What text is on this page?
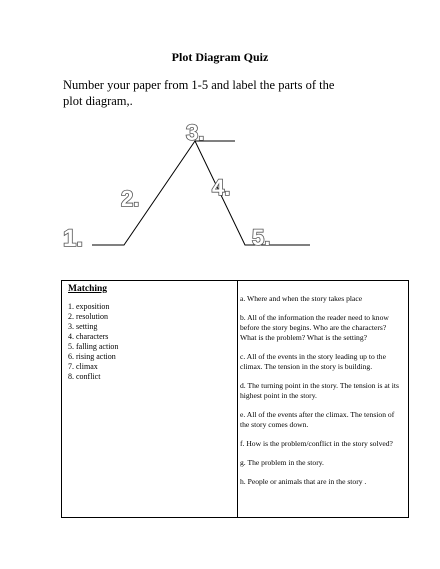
Plot Diagram Quiz
Number your paper from 1-5 and label the parts of the plot diagram,.
1.
2.
3.
4.
5.
Matching
1. exposition
2. resolution
3. setting
4. characters
5. falling action
6. rising action
7. climax
8. conflict
a. Where and when the story takes place
b. All of the information the reader need to know before the story begins. Who are the characters? What is the problem? What is the setting?
c. All of the events in the story leading up to the climax. The tension in the story is building.
d. The turning point in the story. The tension is at its highest point in the story.
e. All of the events after the climax. The tension of the story comes down.
f. How is the problem/conflict in the story solved?
g. The problem in the story.
h. People or animals that are in the story .
